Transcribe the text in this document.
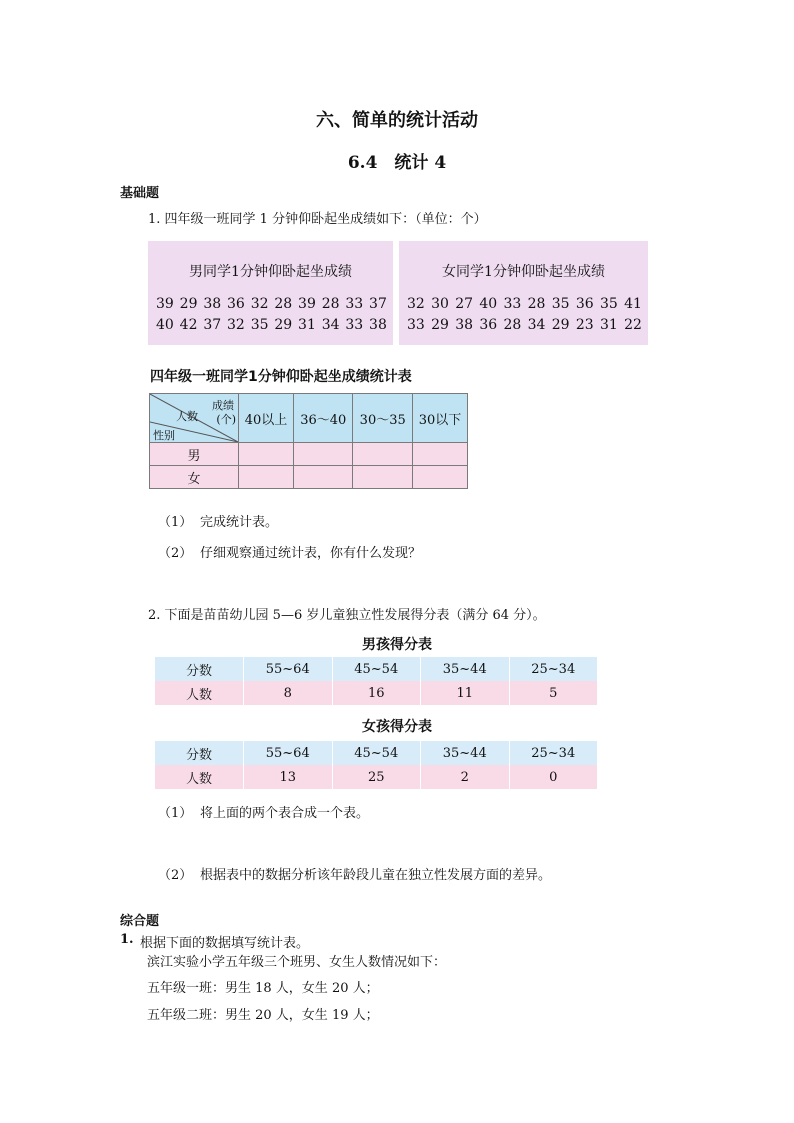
六、简单的统计活动
6.4　统计 4
基础题
1. 四年级一班同学 1 分钟仰卧起坐成绩如下：（单位：个）
男同学1分钟仰卧起坐成绩
39 29 38 36 32 28 39 28 33 37
40 42 37 32 35 29 31 34 33 38
女同学1分钟仰卧起坐成绩
32 30 27 40 33 28 35 36 35 41
33 29 38 36 28 34 29 23 31 22
四年级一班同学1分钟仰卧起坐成绩统计表
成绩
(个)
人数
性别	40以上	36～40	30～35	30以下
男				
女				
（1） 完成统计表。
（2） 仔细观察通过统计表，你有什么发现？
2. 下面是苗苗幼儿园 5—6 岁儿童独立性发展得分表（满分 64 分）。
男孩得分表
分数	55~64	45~54	35~44	25~34
人数	8	16	11	5
女孩得分表
分数	55~64	45~54	35~44	25~34
人数	13	25	2	0
（1） 将上面的两个表合成一个表。
（2） 根据表中的数据分析该年龄段儿童在独立性发展方面的差异。
综合题
1. 根据下面的数据填写统计表。
滨江实验小学五年级三个班男、女生人数情况如下：
五年级一班：男生 18 人，女生 20 人；
五年级二班：男生 20 人，女生 19 人；
